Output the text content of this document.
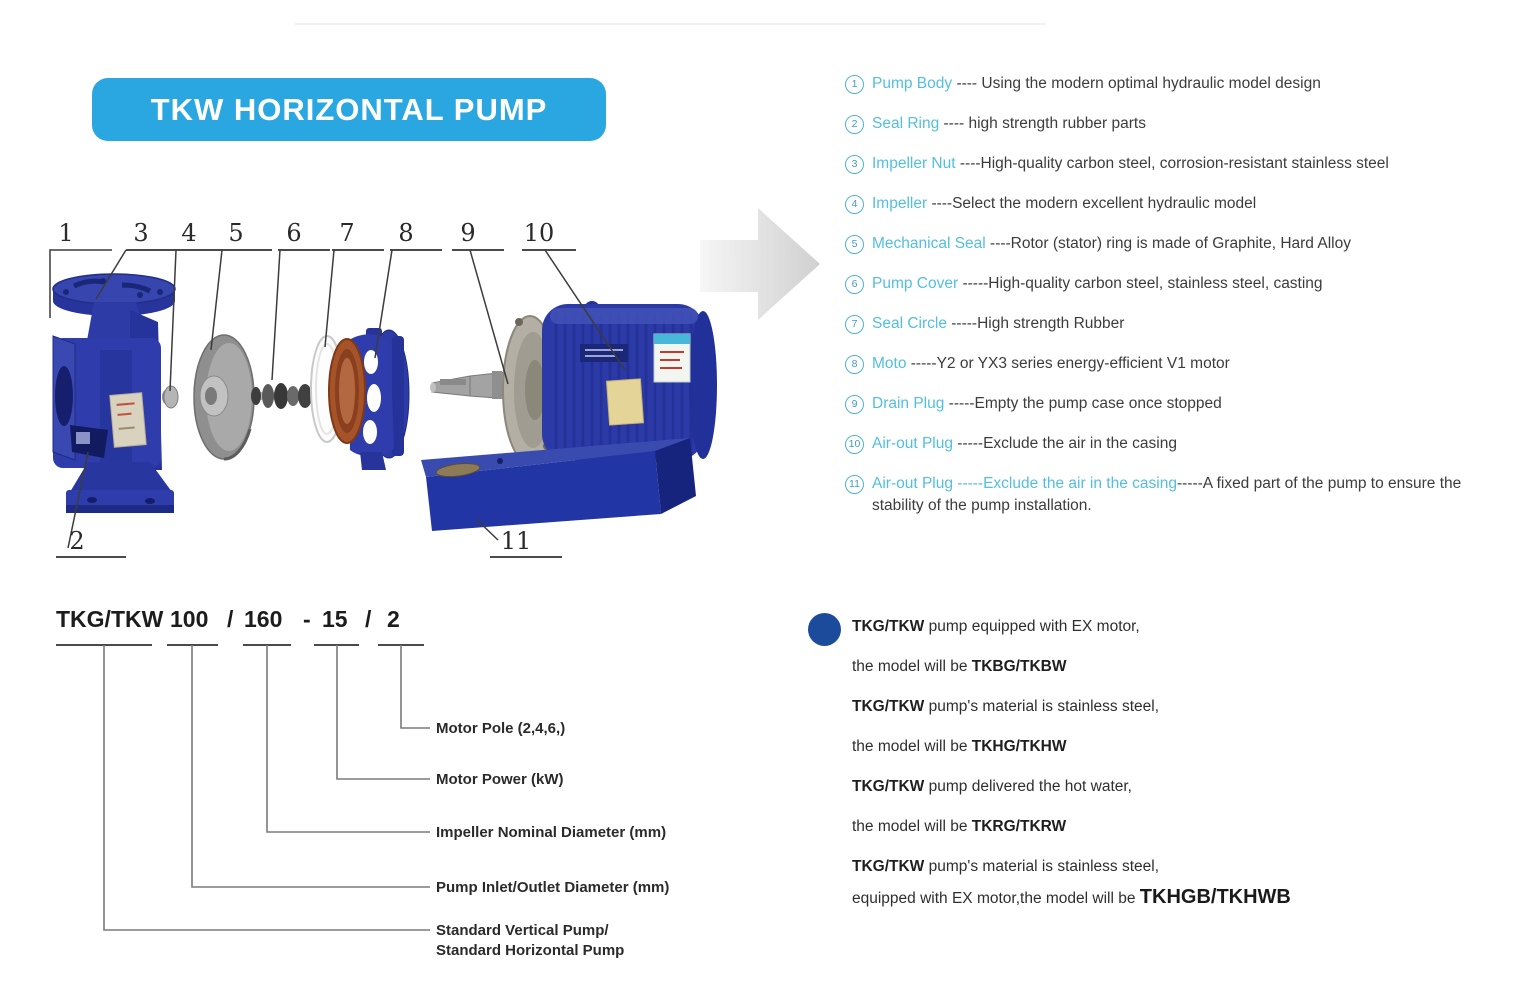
TKW HORIZONTAL PUMP
1 3 4 5 6 7 8 9 10
2	11
TKG/TKW 100 / 160 - 15 / 2
Motor Pole (2,4,6,)
Motor Power (kW)
Impeller Nominal Diameter (mm)
Pump Inlet/Outlet Diameter (mm)
Standard Vertical Pump/
Standard Horizontal Pump
1 Pump Body ---- Using the modern optimal hydraulic model design
2 Seal Ring ---- high strength rubber parts
3 Impeller Nut ----High-quality carbon steel, corrosion-resistant stainless steel
4 Impeller ----Select the modern excellent hydraulic model
5 Mechanical Seal ----Rotor (stator) ring is made of Graphite, Hard Alloy
6 Pump Cover -----High-quality carbon steel, stainless steel, casting
7 Seal Circle -----High strength Rubber
8 Moto -----Y2 or YX3 series energy-efficient V1 motor
9 Drain Plug -----Empty the pump case once stopped
10 Air-out Plug -----Exclude the air in the casing
11 Air-out Plug -----Exclude the air in the casing-----A fixed part of the pump to ensure the stability of the pump installation.
TKG/TKW pump equipped with EX motor,
the model will be TKBG/TKBW
TKG/TKW pump's material is stainless steel,
the model will be TKHG/TKHW
TKG/TKW pump delivered the hot water,
the model will be TKRG/TKRW
TKG/TKW pump's material is stainless steel,
equipped with EX motor,the model will be TKHGB/TKHWB
